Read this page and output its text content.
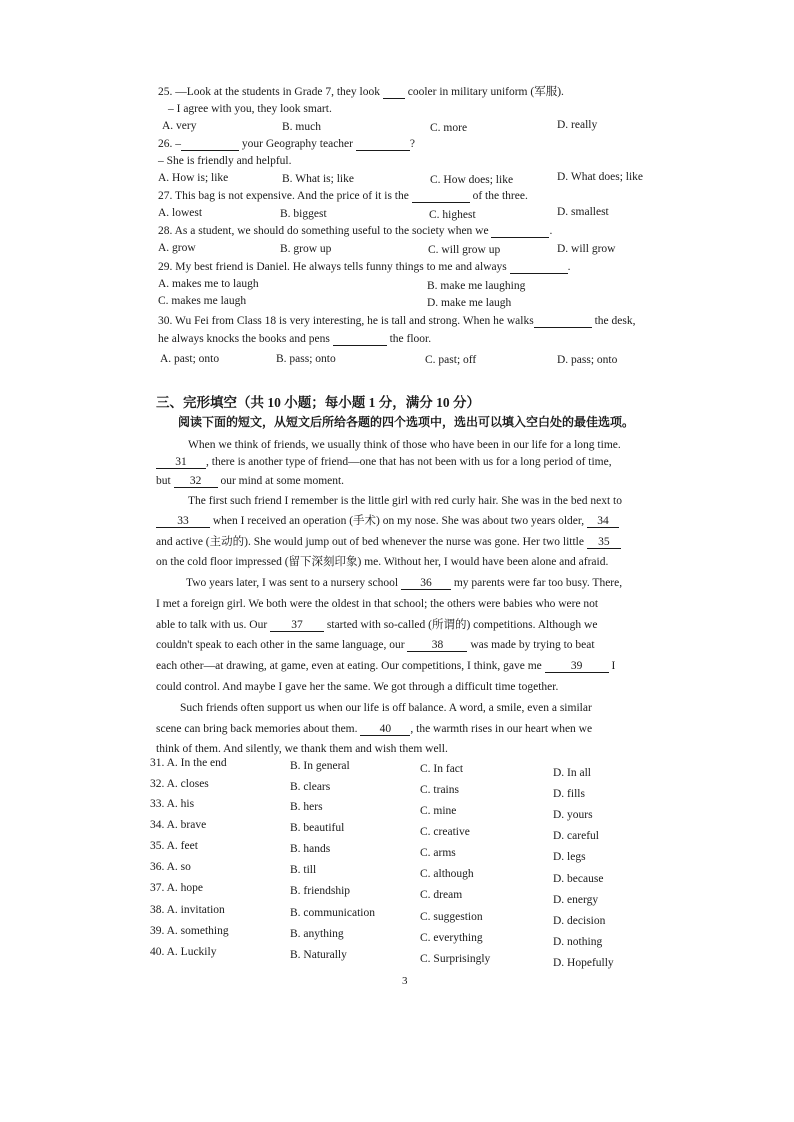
25. —Look at the students in Grade 7, they look cooler in military uniform (军服).
– I agree with you, they look smart.
A. very	B. much	C. more	D. really
26. –	your Geography teacher	?
– She is friendly and helpful.
A. How is; like	B. What is; like	C. How does; like	D. What does; like
27. This bag is not expensive. And the price of it is the	of the three.
A. lowest	B. biggest	C. highest	D. smallest
28. As a student, we should do something useful to the society when we	.
A. grow	B. grow up	C. will grow up	D. will grow
29. My best friend is Daniel. He always tells funny things to me and always	.
A. makes me to laugh	B. make me laughing
C. makes me laugh	D. make me laugh
30. Wu Fei from Class 18 is very interesting, he is tall and strong. When he walks	the desk,
he always knocks the books and pens	the floor.
A. past; onto	B. pass; onto	C. past; off	D. pass; onto
三、完形填空（共 10 小题；每小题 1 分，满分 10 分）
阅读下面的短文，从短文后所给各题的四个选项中，选出可以填入空白处的最佳选项。
When we think of friends, we usually think of those who have been in our life for a long time.
31 , there is another type of friend—one that has not been with us for a long period of time,
but 32 our mind at some moment.
The first such friend I remember is the little girl with red curly hair. She was in the bed next to
33 when I received an operation (手术) on my nose. She was about two years older, 34
and active (主动的). She would jump out of bed whenever the nurse was gone. Her two little 35
on the cold floor impressed (留下深刻印象) me. Without her, I would have been alone and afraid.
Two years later, I was sent to a nursery school 36 my parents were far too busy. There,
I met a foreign girl. We both were the oldest in that school; the others were babies who were not
able to talk with us. Our 37 started with so-called (所谓的) competitions. Although we
couldn't speak to each other in the same language, our 38 was made by trying to beat
each other—at drawing, at game, even at eating. Our competitions, I think, gave me	39	I
could control. And maybe I gave her the same. We got through a difficult time together.
Such friends often support us when our life is off balance. A word, a smile, even a similar
scene can bring back memories about them. 40 , the warmth rises in our heart when we
think of them. And silently, we thank them and wish them well.
31. A. In the end	B. In general	C. In fact	D. In all
32. A. closes	B. clears	C. trains	D. fills
33. A. his	B. hers	C. mine	D. yours
34. A. brave	B. beautiful	C. creative	D. careful
35. A. feet	B. hands	C. arms	D. legs
36. A. so	B. till	C. although	D. because
37. A. hope	B. friendship	C. dream	D. energy
38. A. invitation	B. communication	C. suggestion	D. decision
39. A. something	B. anything	C. everything	D. nothing
40. A. Luckily	B. Naturally	C. Surprisingly	D. Hopefully
3
